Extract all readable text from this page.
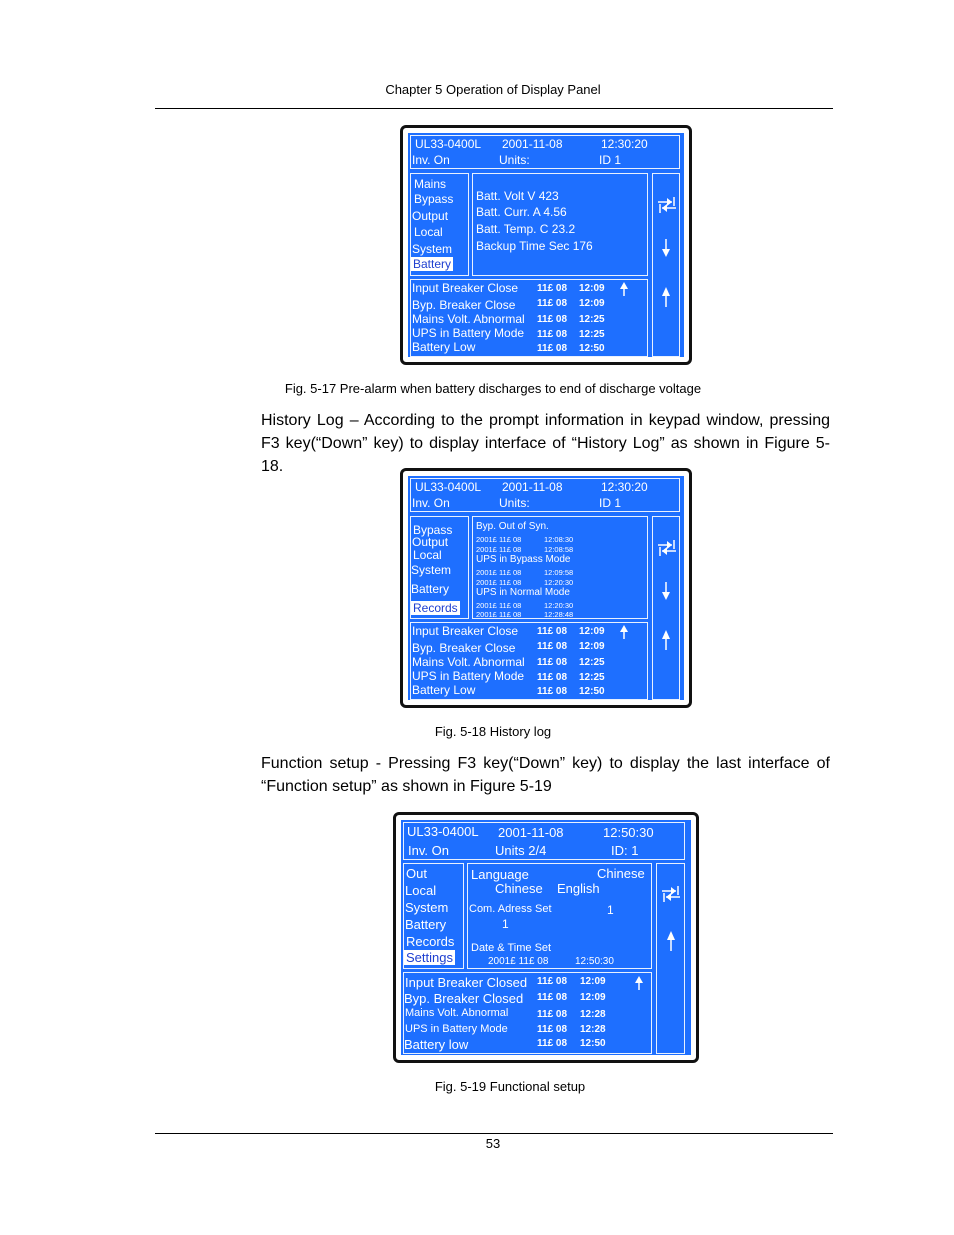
Chapter 5 Operation of Display Panel
UL33-0400L 2001-11-08	12:30:20
Inv. On	Units:	ID 1
Mains
Bypass
Output
Local
System
Battery
Batt. Volt V 423
Batt. Curr. A 4.56
Batt. Temp. C 23.2
Backup Time Sec 176
Input Breaker Close 11£ 08 12:09
Byp. Breaker Close 11£ 08 12:09
Mains Volt. Abnormal 11£ 08 12:25
UPS in Battery Mode 11£ 08 12:25
Battery Low	11£ 08 12:50
Fig. 5-17 Pre-alarm when battery discharges to end of discharge voltage

History Log – According to the prompt information in keypad window, pressing F3 key(“Down” key) to display interface of “History Log” as shown in Figure 5-18.

UL33-0400L 2001-11-08	12:30:20
Inv. On	Units:	ID 1
Bypass
Output
Local
System
Battery
Records
Byp. Out of Syn.
2001£ 11£ 08	12:08:30
2001£ 11£ 08	12:08:58
UPS in Bypass Mode
2001£ 11£ 08	12:09:58
2001£ 11£ 08	12:20:30
UPS in Normal Mode
2001£ 11£ 08	12:20:30
2001£ 11£ 08	12:28:48
Input Breaker Close 11£ 08 12:09
Byp. Breaker Close 11£ 08 12:09
Mains Volt. Abnormal 11£ 08 12:25
UPS in Battery Mode 11£ 08 12:25
Battery Low	11£ 08 12:50
Fig. 5-18 History log

Function setup - Pressing F3 key(“Down” key) to display the last interface of

“Function setup” as shown in Figure 5-19

UL33-0400L 2001-11-08	12:50:30
Inv. On	Units 2/4	ID: 1
Out
Local
System
Battery
Records
Settings
Language	Chinese
Chinese English
Com. Adress Set	1
1
Date & Time Set
2001£ 11£ 08	12:50:30
Input Breaker Closed 11£ 08 12:09
Byp. Breaker Closed 11£ 08 12:09
Mains Volt. Abnormal	11£ 08 12:28
UPS in Battery Mode	11£ 08 12:28
Battery low	11£ 08 12:50
Fig. 5-19 Functional setup
53
